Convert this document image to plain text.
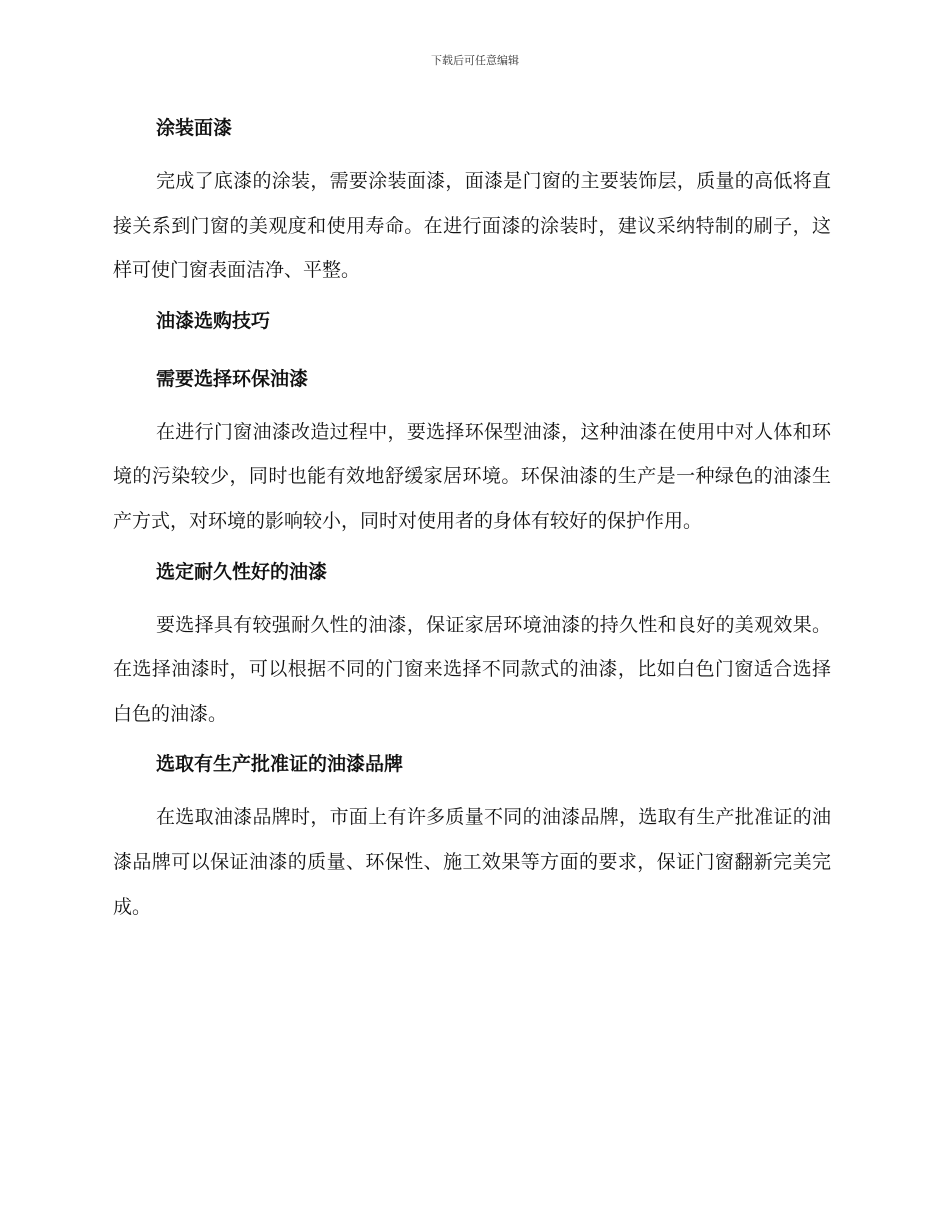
下载后可任意编辑
涂装面漆

完成了底漆的涂装，需要涂装面漆，面漆是门窗的主要装饰层，质量的高低将直接关系到门窗的美观度和使用寿命。在进行面漆的涂装时，建议采纳特制的刷子，这样可使门窗表面洁净、平整。

油漆选购技巧
需要选择环保油漆

在进行门窗油漆改造过程中，要选择环保型油漆，这种油漆在使用中对人体和环境的污染较少，同时也能有效地舒缓家居环境。环保油漆的生产是一种绿色的油漆生产方式，对环境的影响较小，同时对使用者的身体有较好的保护作用。

选定耐久性好的油漆

要选择具有较强耐久性的油漆，保证家居环境油漆的持久性和良好的美观效果。在选择油漆时，可以根据不同的门窗来选择不同款式的油漆，比如白色门窗适合选择白色的油漆。

选取有生产批准证的油漆品牌

在选取油漆品牌时，市面上有许多质量不同的油漆品牌，选取有生产批准证的油漆品牌可以保证油漆的质量、环保性、施工效果等方面的要求，保证门窗翻新完美完成。
